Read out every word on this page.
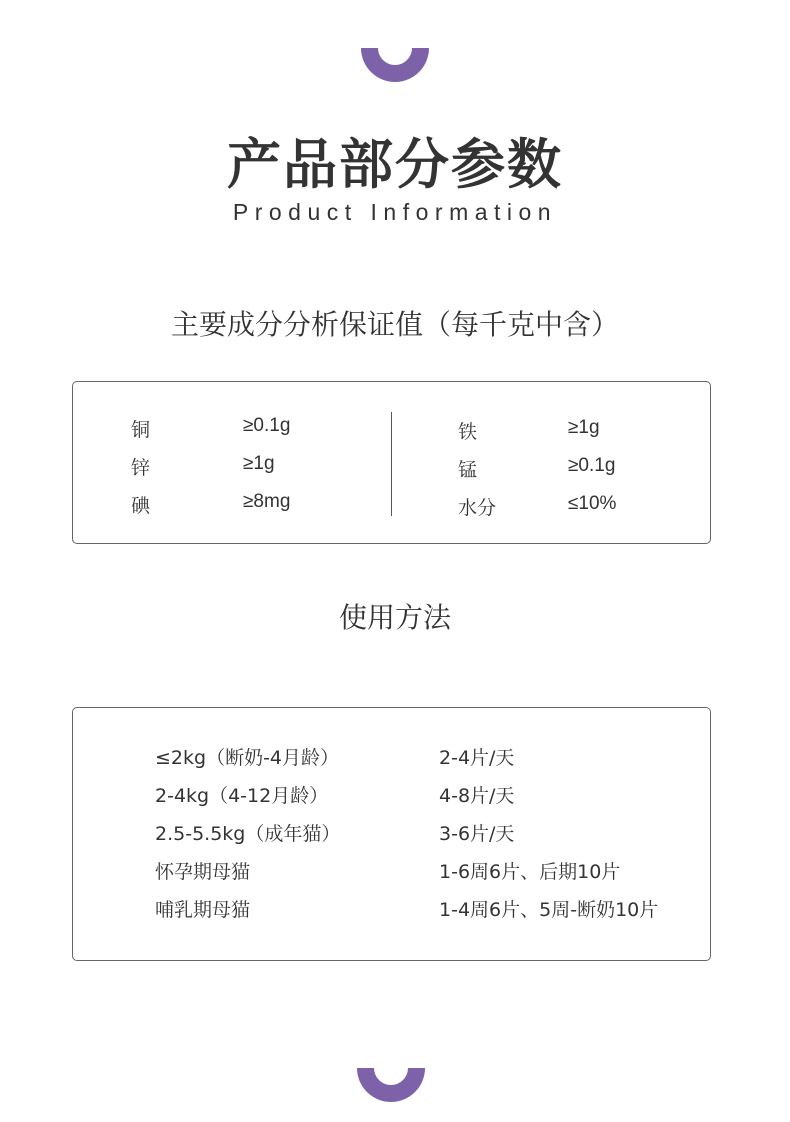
产品部分参数
Product Information
主要成分分析保证值（每千克中含）
铜	≥0.1g
锌	≥1g
碘	≥8mg
铁	≥1g
锰	≥0.1g
水分	≤10%
使用方法
≤2kg（断奶-4月龄）	2-4片/天
2-4kg（4-12月龄）	4-8片/天
2.5-5.5kg（成年猫）	3-6片/天
怀孕期母猫	1-6周6片、后期10片
哺乳期母猫	1-4周6片、5周-断奶10片
